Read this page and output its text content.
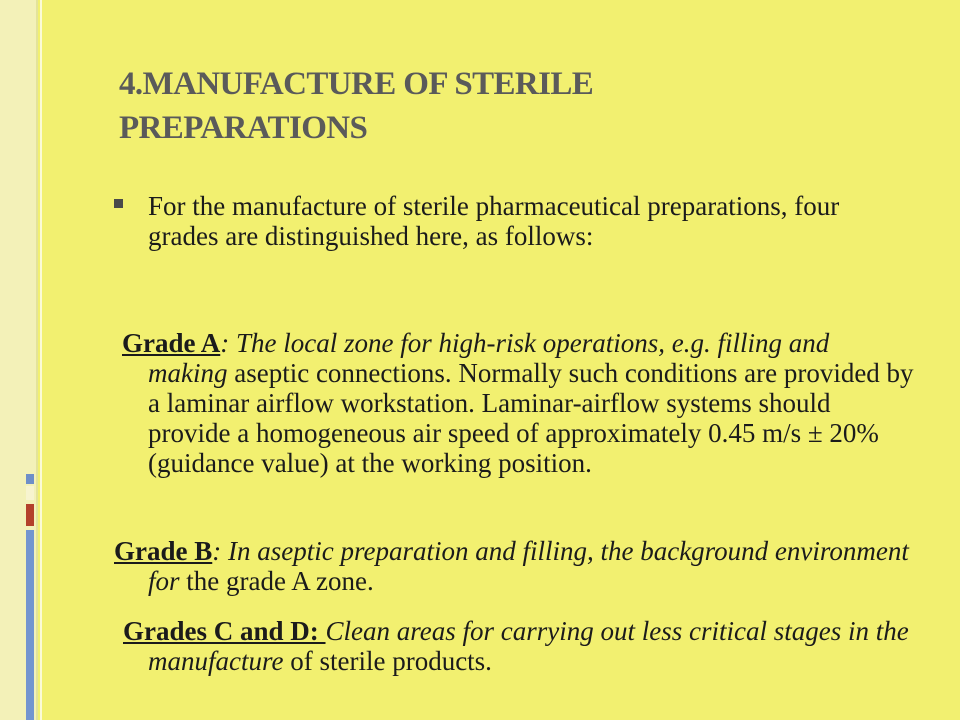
4.MANUFACTURE OF STERILE
PREPARATIONS
For the manufacture of sterile pharmaceutical preparations, four grades are distinguished here, as follows:

Grade A: The local zone for high-risk operations, e.g. filling and making aseptic connections. Normally such conditions are provided by a laminar airflow workstation. Laminar-airflow systems should provide a homogeneous air speed of approximately 0.45 m/s ± 20% (guidance value) at the working position.

Grade B: In aseptic preparation and filling, the background environment for the grade A zone.

Grades C and D: Clean areas for carrying out less critical stages in the manufacture of sterile products.
